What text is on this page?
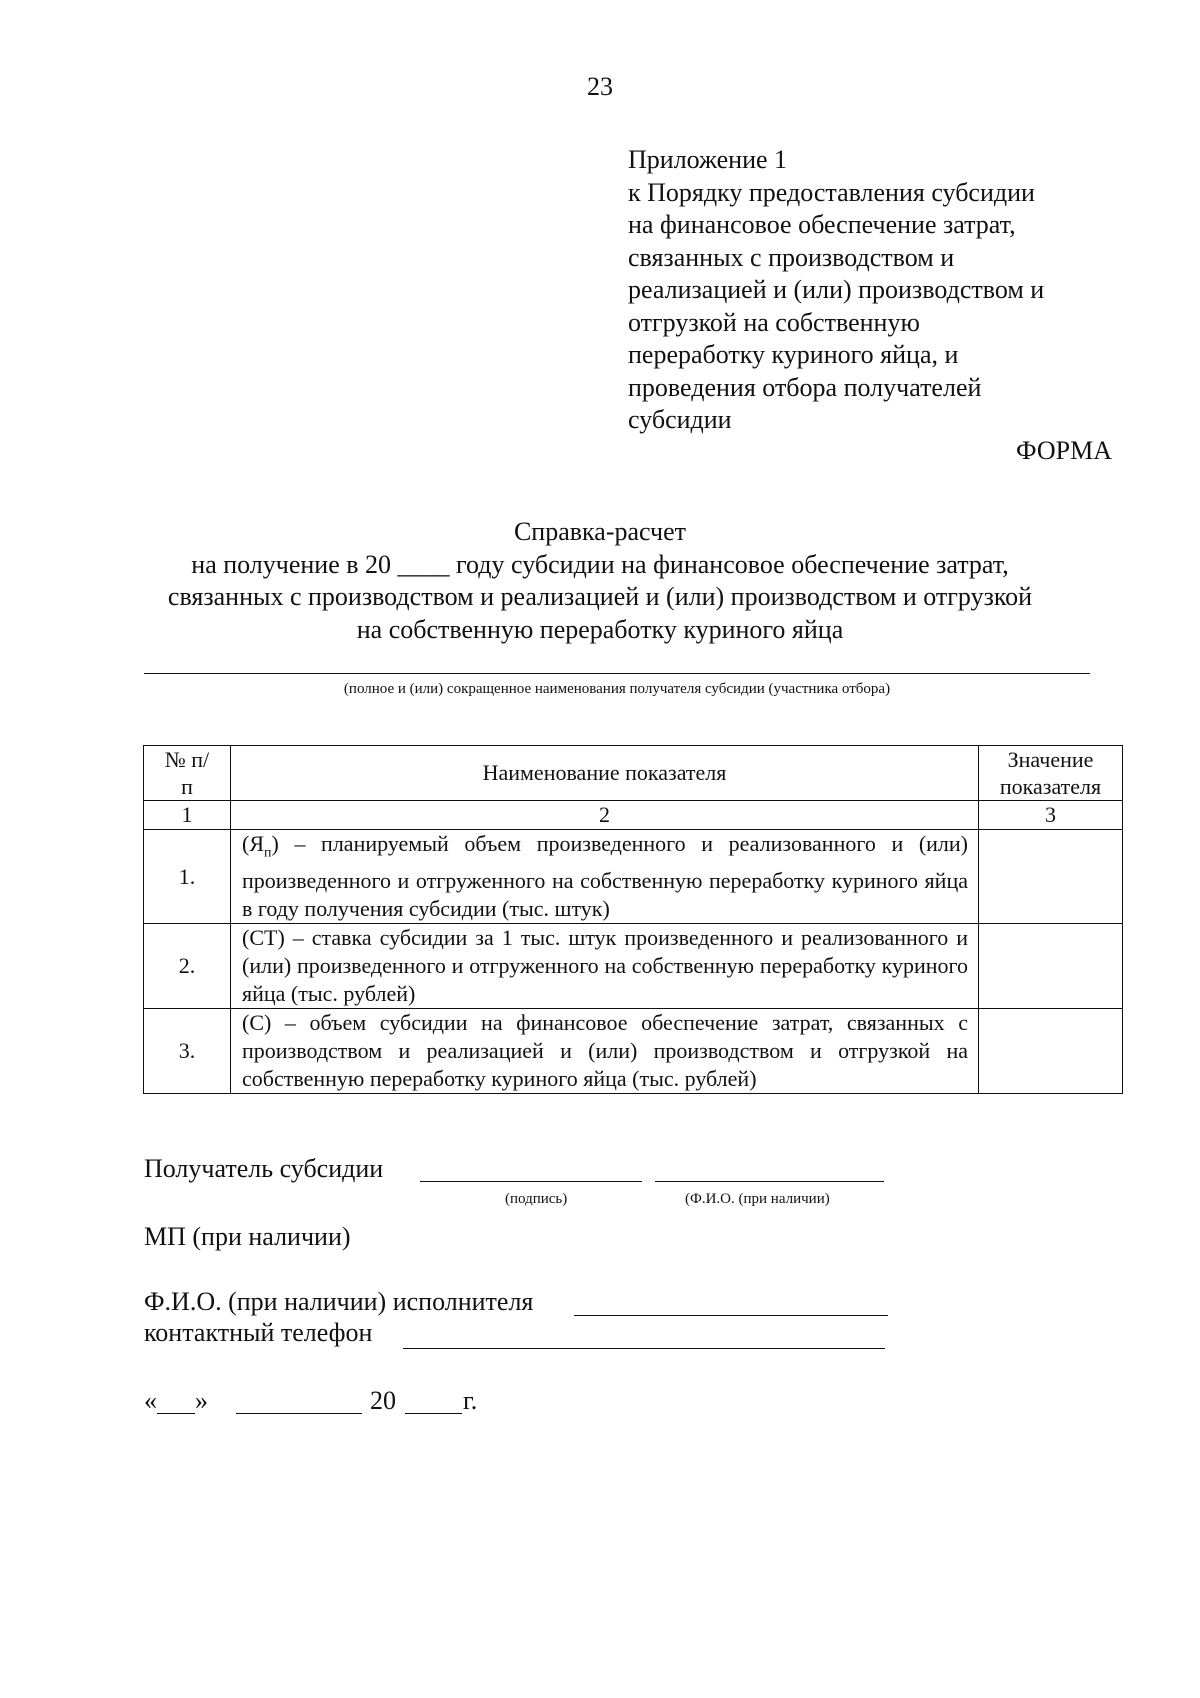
23
Приложение 1
к Порядку предоставления субсидии
на финансовое обеспечение затрат,
связанных с производством и
реализацией и (или) производством и
отгрузкой на собственную
переработку куриного яйца, и
проведения отбора получателей
субсидии
ФОРМА
Справка-расчет
на получение в 20 ____ году субсидии на финансовое обеспечение затрат,
связанных с производством и реализацией и (или) производством и отгрузкой
на собственную переработку куриного яйца
(полное и (или) сокращенное наименования получателя субсидии (участника отбора)
№ п/п	Наименование показателя	Значение показателя

1	2	3
1.	$(Я_п)$ – планируемый объем произведенного и реализованного и (или) произведенного и отгруженного на собственную переработку куриного яйца в году получения субсидии (тыс. штук)	
2.	(СТ) – ставка субсидии за 1 тыс. штук произведенного и реализованного и (или) произведенного и отгруженного на собственную переработку куриного яйца (тыс. рублей)	
3.	(С) – объем субсидии на финансовое обеспечение затрат, связанных с производством и реализацией и (или) производством и отгрузкой на собственную переработку куриного яйца (тыс. рублей)	
Получатель субсидии
(подпись)	(Ф.И.О. (при наличии)
МП (при наличии)
Ф.И.О. (при наличии) исполнителя
контактный телефон
« »	20	г.
